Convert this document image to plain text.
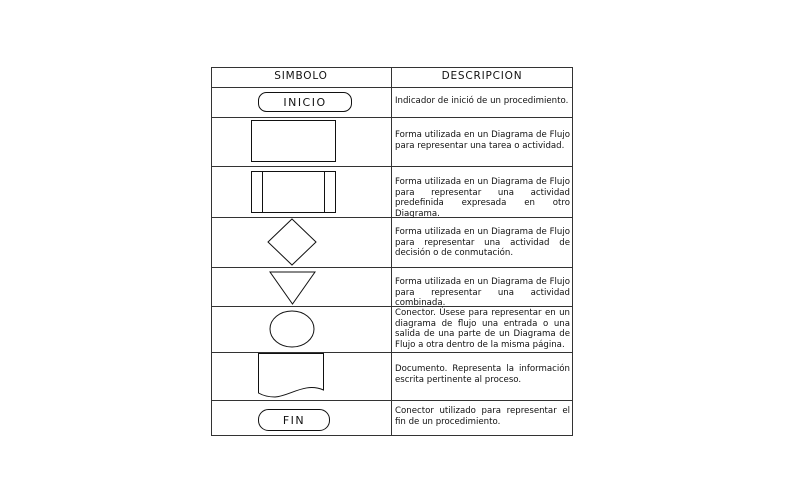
INICIO
FIN
SIMBOLO	DESCRIPCION
Indicador de inició de un procedimiento.
Forma utilizada en un Diagrama de Flujo para representar una tarea o actividad.
Forma utilizada en un Diagrama de Flujo para representar una actividad predefinida expresada en otro Diagrama.
Forma utilizada en un Diagrama de Flujo para representar una actividad de decisión o de conmutación.
Forma utilizada en un Diagrama de Flujo para representar una actividad combinada.
Conector. Úsese para representar en un diagrama de flujo una entrada o una salida de una parte de un Diagrama de Flujo a otra dentro de la misma página.
Documento. Representa la información escrita pertinente al proceso.
Conector utilizado para representar el fin de un procedimiento.
